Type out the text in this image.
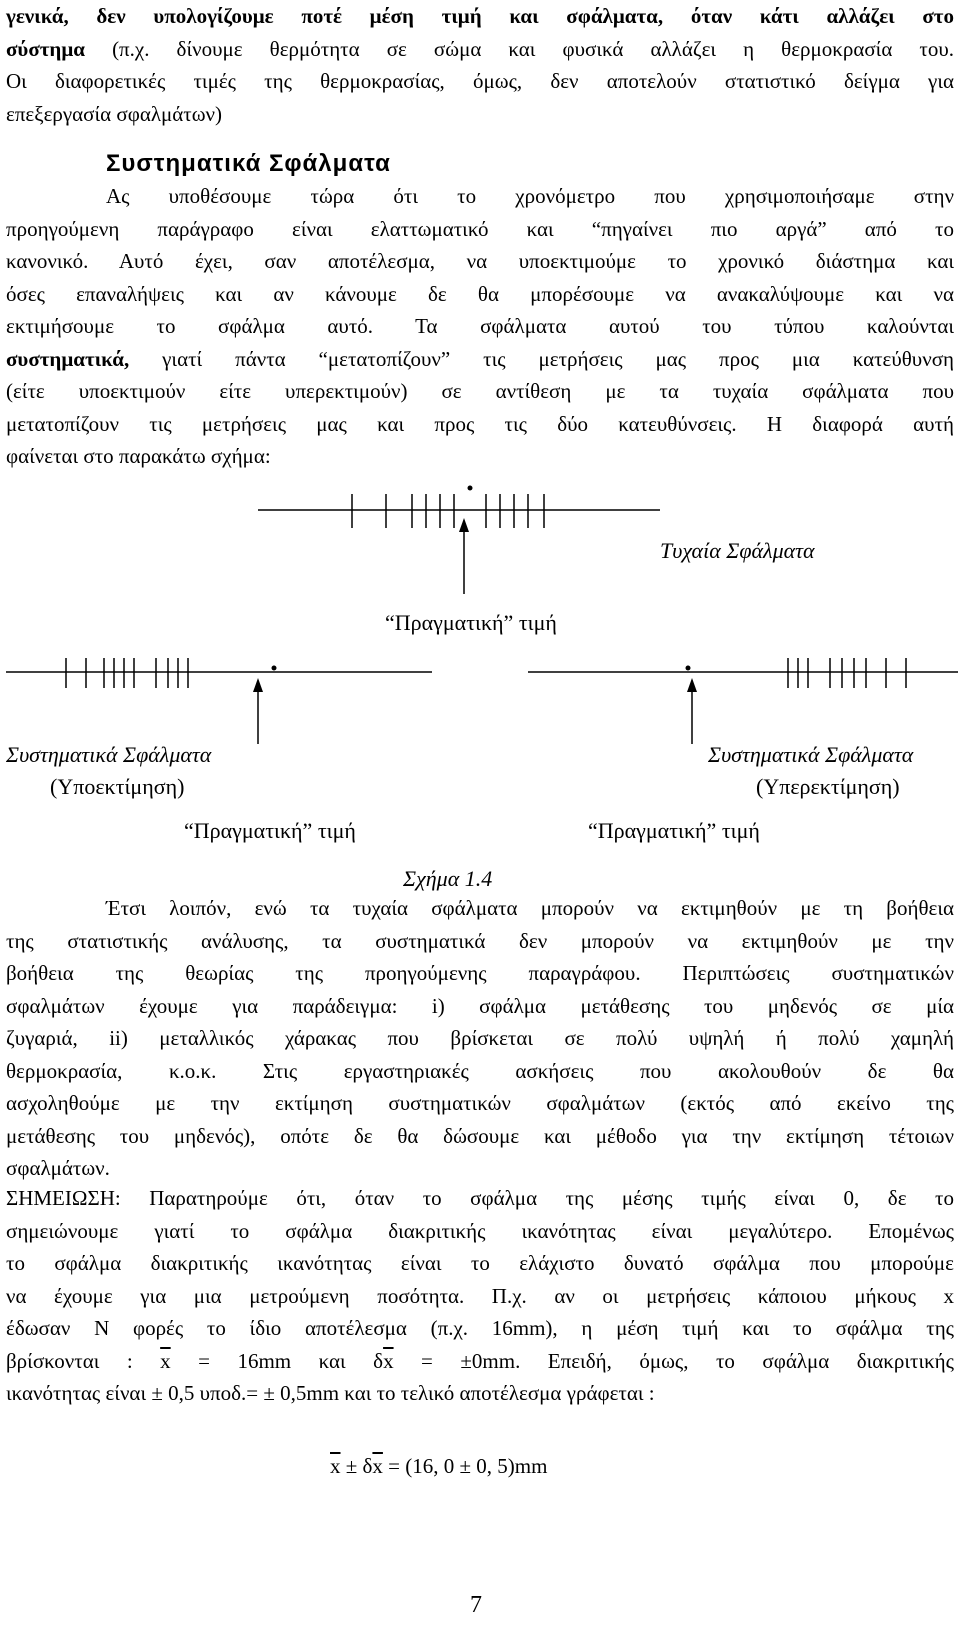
γενικά, δεν υπολογίζουμε ποτέ μέση τιμή και σφάλματα, όταν κάτι αλλάζει στο
σύστημα (π.χ. δίνουμε θερμότητα σε σώμα και φυσικά αλλάζει η θερμοκρασία του.
Οι διαφορετικές τιμές της θερμοκρασίας, όμως, δεν αποτελούν στατιστικό δείγμα για
επεξεργασία σφαλμάτων)
Συστηματικά Σφάλματα
Ας υποθέσουμε τώρα ότι το χρονόμετρο που χρησιμοποιήσαμε στην
προηγούμενη παράγραφο είναι ελαττωματικό και “πηγαίνει πιο αργά” από το
κανονικό. Αυτό έχει, σαν αποτέλεσμα, να υποεκτιμούμε το χρονικό διάστημα και
όσες επαναλήψεις και αν κάνουμε δε θα μπορέσουμε να ανακαλύψουμε και να
εκτιμήσουμε το σφάλμα αυτό. Τα σφάλματα αυτού του τύπου καλούνται
συστηματικά, γιατί πάντα “μετατοπίζουν” τις μετρήσεις μας προς μια κατεύθυνση
(είτε υποεκτιμούν είτε υπερεκτιμούν) σε αντίθεση με τα τυχαία σφάλματα που
μετατοπίζουν τις μετρήσεις μας και προς τις δύο κατευθύνσεις. Η διαφορά αυτή
φαίνεται στο παρακάτω σχήμα:
Τυχαία Σφάλματα
“Πραγματική” τιμή
Συστηματικά Σφάλματα
(Υποεκτίμηση)
Συστηματικά Σφάλματα
(Υπερεκτίμηση)
“Πραγματική” τιμή	“Πραγματική” τιμή
Σχήμα 1.4
Έτσι λοιπόν, ενώ τα τυχαία σφάλματα μπορούν να εκτιμηθούν με τη βοήθεια
της στατιστικής ανάλυσης, τα συστηματικά δεν μπορούν να εκτιμηθούν με την
βοήθεια της θεωρίας της προηγούμενης παραγράφου. Περιπτώσεις συστηματικών
σφαλμάτων έχουμε για παράδειγμα: i) σφάλμα μετάθεσης του μηδενός σε μία
ζυγαριά, ii) μεταλλικός χάρακας που βρίσκεται σε πολύ υψηλή ή πολύ χαμηλή
θερμοκρασία, κ.ο.κ. Στις εργαστηριακές ασκήσεις που ακολουθούν δε θα
ασχοληθούμε με την εκτίμηση συστηματικών σφαλμάτων (εκτός από εκείνο της
μετάθεσης του μηδενός), οπότε δε θα δώσουμε και μέθοδο για την εκτίμηση τέτοιων
σφαλμάτων.
ΣΗΜΕΙΩΣΗ: Παρατηρούμε ότι, όταν το σφάλμα της μέσης τιμής είναι 0, δε το
σημειώνουμε γιατί το σφάλμα διακριτικής ικανότητας είναι μεγαλύτερο. Επομένως
το σφάλμα διακριτικής ικανότητας είναι το ελάχιστο δυνατό σφάλμα που μπορούμε
να έχουμε για μια μετρούμενη ποσότητα. Π.χ. αν οι μετρήσεις κάποιου μήκους x
έδωσαν N φορές το ίδιο αποτέλεσμα (π.χ. 16mm), η μέση τιμή και το σφάλμα της
βρίσκονται : $\overline{x} = 16mm$ και $\delta\overline{x} = \pm 0mm$. Επειδή, όμως, το σφάλμα διακριτικής
ικανότητας είναι ± 0,5 υποδ.= ± 0,5mm και το τελικό αποτέλεσμα γράφεται :
$\overline{x} \pm \delta\overline{x} = (16$, 0 ± 0, 5)mm
7
